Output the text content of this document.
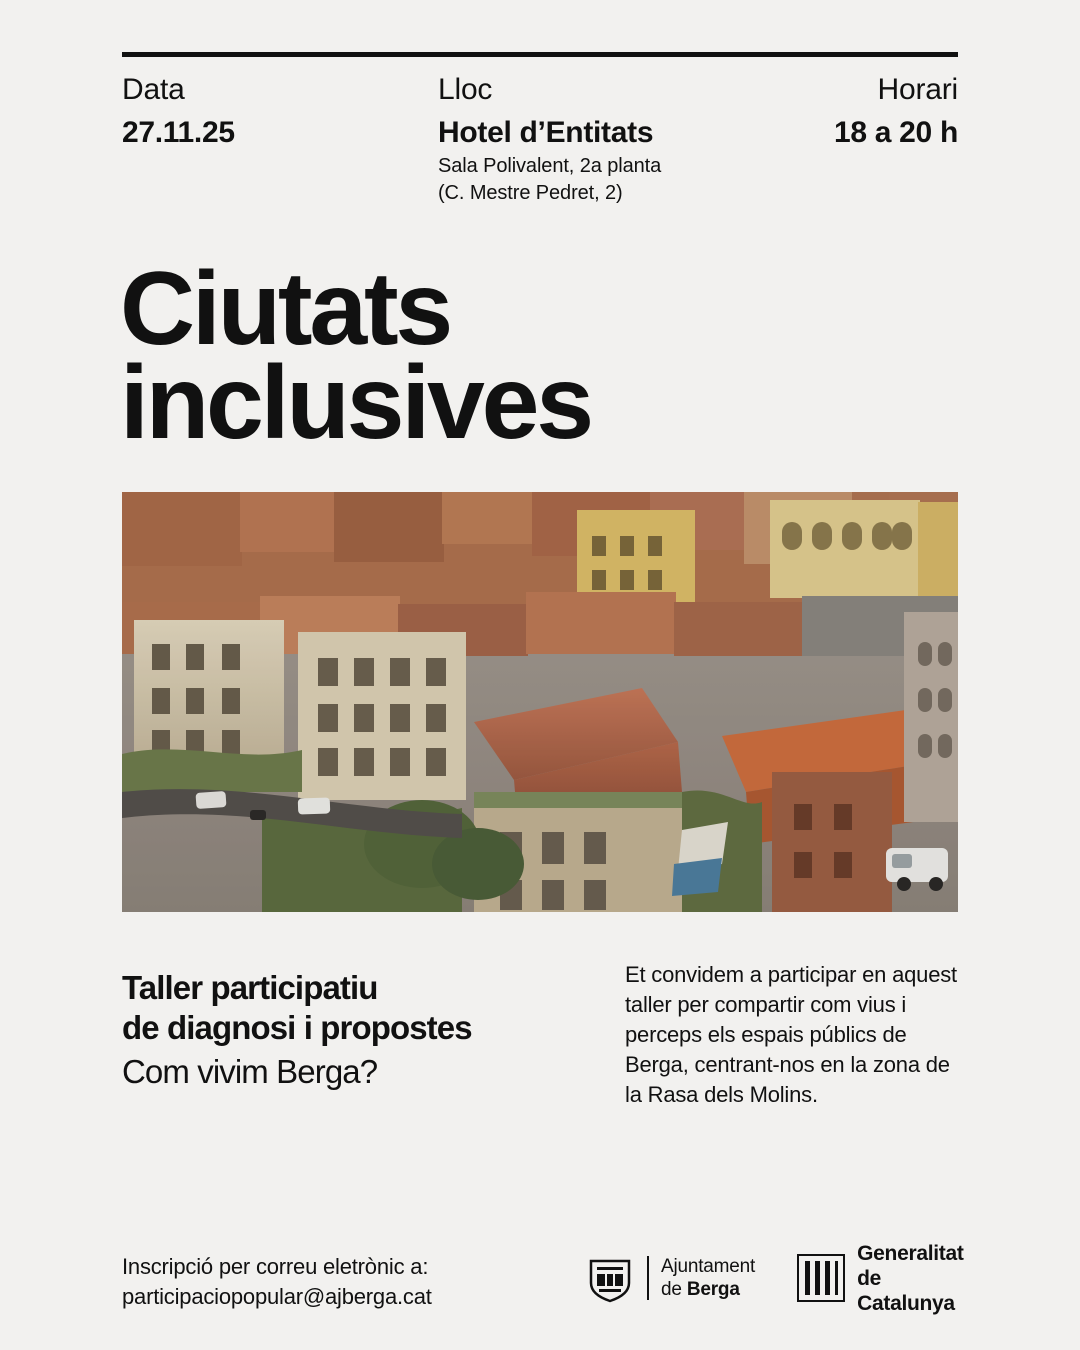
Data
27.11.25
Lloc
Hotel d’Entitats
Sala Polivalent, 2a planta
(C. Mestre Pedret, 2)
Horari
18 a 20 h
Ciutats
inclusives
Taller participatiu
de diagnosi i propostes
Com vivim Berga?
Et convidem a participar en aquest taller per compartir com vius i perceps els espais públics de Berga, centrant-nos en la zona de la Rasa dels Molins.
Inscripció per correu eletrònic a:
participaciopopular@ajberga.cat
Ajuntament
de Berga
Generalitat
de Catalunya
